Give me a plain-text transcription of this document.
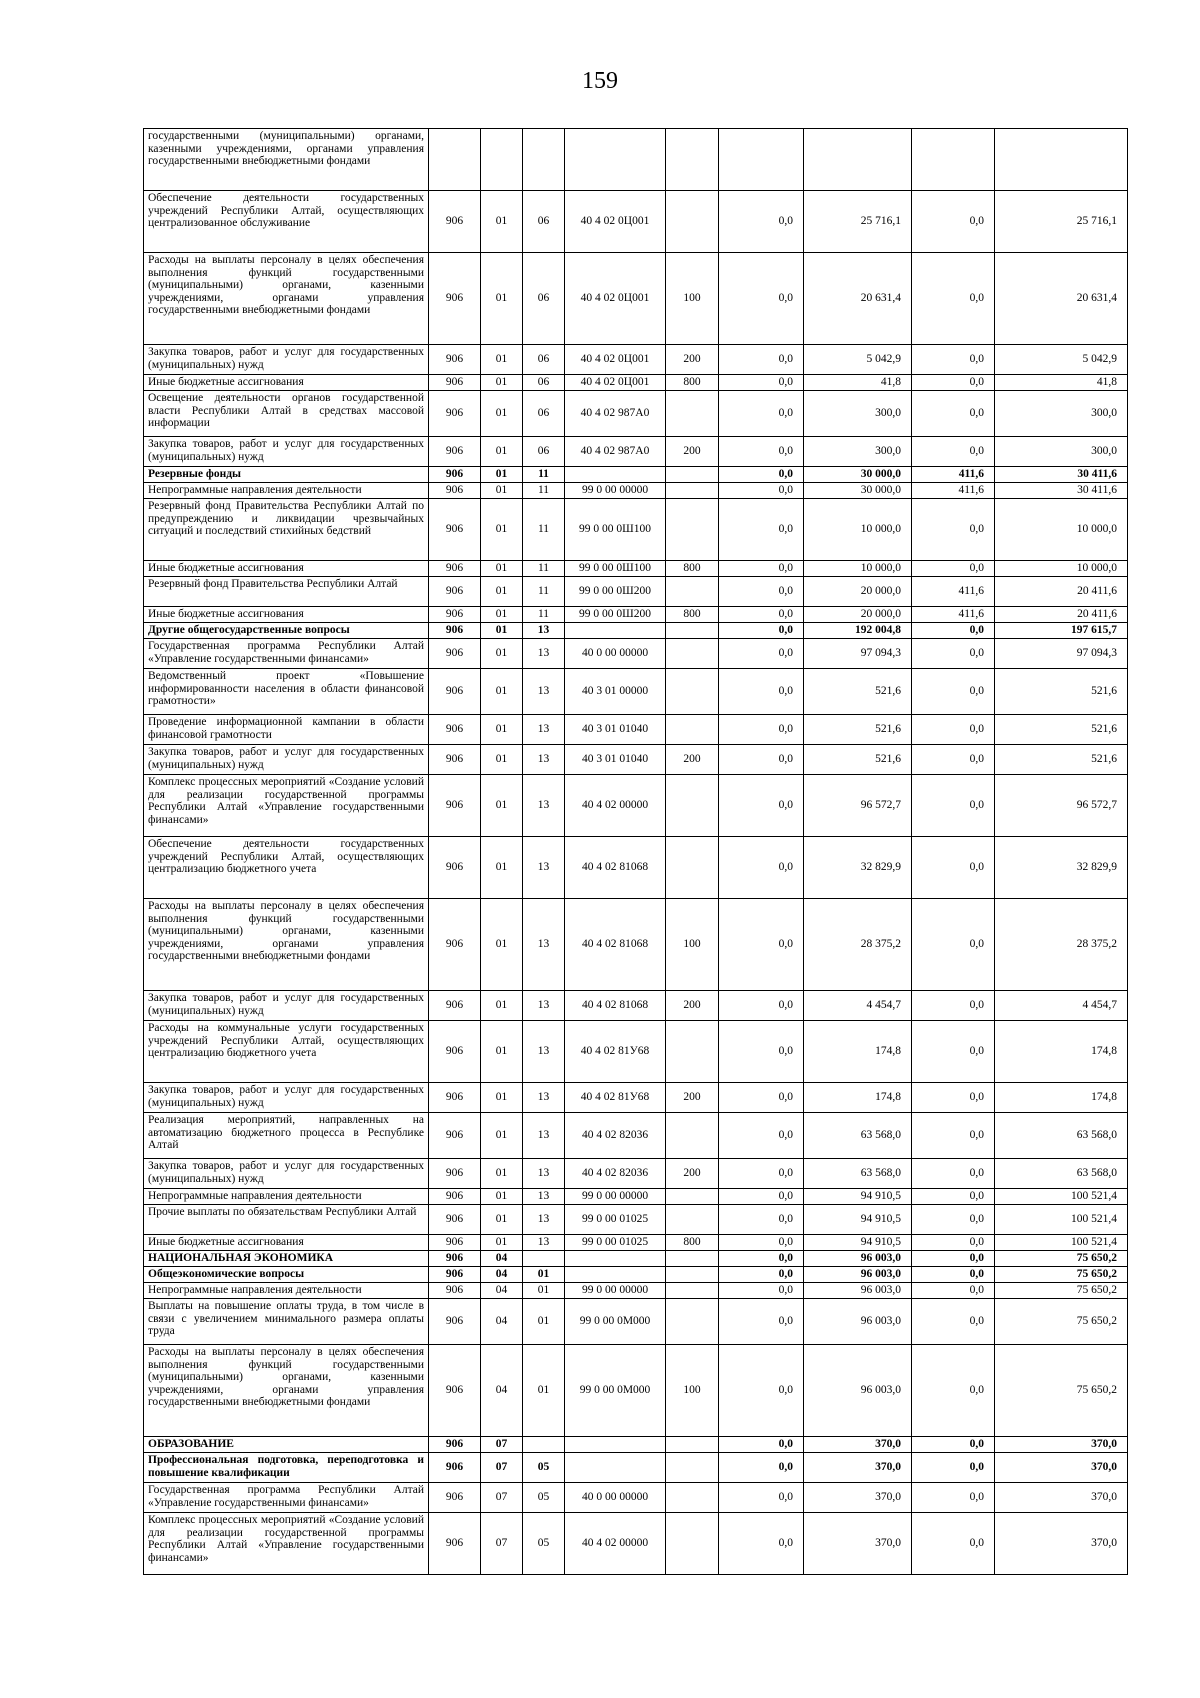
159
государственными (муниципальными) органами, казенными учреждениями, органами управления государственными внебюджетными фондами									
Обеспечение деятельности государственных учреждений Республики Алтай, осуществляющих централизованное обслуживание	906	01	06	40 4 02 0Ц001		0,0	25 716,1	0,0	25 716,1
Расходы на выплаты персоналу в целях обеспечения выполнения функций государственными (муниципальными) органами, казенными учреждениями, органами управления государственными внебюджетными фондами	906	01	06	40 4 02 0Ц001	100	0,0	20 631,4	0,0	20 631,4
Закупка товаров, работ и услуг для государственных (муниципальных) нужд	906	01	06	40 4 02 0Ц001	200	0,0	5 042,9	0,0	5 042,9
Иные бюджетные ассигнования	906	01	06	40 4 02 0Ц001	800	0,0	41,8	0,0	41,8
Освещение деятельности органов государственной власти Республики Алтай в средствах массовой информации	906	01	06	40 4 02 987A0		0,0	300,0	0,0	300,0
Закупка товаров, работ и услуг для государственных (муниципальных) нужд	906	01	06	40 4 02 987A0	200	0,0	300,0	0,0	300,0
Резервные фонды	906	01	11			0,0	30 000,0	411,6	30 411,6
Непрограммные направления деятельности	906	01	11	99 0 00 00000		0,0	30 000,0	411,6	30 411,6
Резервный фонд Правительства Республики Алтай по предупреждению и ликвидации чрезвычайных ситуаций и последствий стихийных бедствий	906	01	11	99 0 00 0Ш100		0,0	10 000,0	0,0	10 000,0
Иные бюджетные ассигнования	906	01	11	99 0 00 0Ш100	800	0,0	10 000,0	0,0	10 000,0
Резервный фонд Правительства Республики Алтай	906	01	11	99 0 00 0Ш200		0,0	20 000,0	411,6	20 411,6
Иные бюджетные ассигнования	906	01	11	99 0 00 0Ш200	800	0,0	20 000,0	411,6	20 411,6
Другие общегосударственные вопросы	906	01	13			0,0	192 004,8	0,0	197 615,7
Государственная программа Республики Алтай «Управление государственными финансами»	906	01	13	40 0 00 00000		0,0	97 094,3	0,0	97 094,3
Ведомственный проект «Повышение информированности населения в области финансовой грамотности»	906	01	13	40 3 01 00000		0,0	521,6	0,0	521,6
Проведение информационной кампании в области финансовой грамотности	906	01	13	40 3 01 01040		0,0	521,6	0,0	521,6
Закупка товаров, работ и услуг для государственных (муниципальных) нужд	906	01	13	40 3 01 01040	200	0,0	521,6	0,0	521,6
Комплекс процессных мероприятий «Создание условий для реализации государственной программы Республики Алтай «Управление государственными финансами»	906	01	13	40 4 02 00000		0,0	96 572,7	0,0	96 572,7
Обеспечение деятельности государственных учреждений Республики Алтай, осуществляющих централизацию бюджетного учета	906	01	13	40 4 02 81068		0,0	32 829,9	0,0	32 829,9
Расходы на выплаты персоналу в целях обеспечения выполнения функций государственными (муниципальными) органами, казенными учреждениями, органами управления государственными внебюджетными фондами	906	01	13	40 4 02 81068	100	0,0	28 375,2	0,0	28 375,2
Закупка товаров, работ и услуг для государственных (муниципальных) нужд	906	01	13	40 4 02 81068	200	0,0	4 454,7	0,0	4 454,7
Расходы на коммунальные услуги государственных учреждений Республики Алтай, осуществляющих централизацию бюджетного учета	906	01	13	40 4 02 81У68		0,0	174,8	0,0	174,8
Закупка товаров, работ и услуг для государственных (муниципальных) нужд	906	01	13	40 4 02 81У68	200	0,0	174,8	0,0	174,8
Реализация мероприятий, направленных на автоматизацию бюджетного процесса в Республике Алтай	906	01	13	40 4 02 82036		0,0	63 568,0	0,0	63 568,0
Закупка товаров, работ и услуг для государственных (муниципальных) нужд	906	01	13	40 4 02 82036	200	0,0	63 568,0	0,0	63 568,0
Непрограммные направления деятельности	906	01	13	99 0 00 00000		0,0	94 910,5	0,0	100 521,4
Прочие выплаты по обязательствам Республики Алтай	906	01	13	99 0 00 01025		0,0	94 910,5	0,0	100 521,4
Иные бюджетные ассигнования	906	01	13	99 0 00 01025	800	0,0	94 910,5	0,0	100 521,4
НАЦИОНАЛЬНАЯ ЭКОНОМИКА	906	04				0,0	96 003,0	0,0	75 650,2
Общеэкономические вопросы	906	04	01			0,0	96 003,0	0,0	75 650,2
Непрограммные направления деятельности	906	04	01	99 0 00 00000		0,0	96 003,0	0,0	75 650,2
Выплаты на повышение оплаты труда, в том числе в связи с увеличением минимального размера оплаты труда	906	04	01	99 0 00 0M000		0,0	96 003,0	0,0	75 650,2
Расходы на выплаты персоналу в целях обеспечения выполнения функций государственными (муниципальными) органами, казенными учреждениями, органами управления государственными внебюджетными фондами	906	04	01	99 0 00 0M000	100	0,0	96 003,0	0,0	75 650,2
ОБРАЗОВАНИЕ	906	07				0,0	370,0	0,0	370,0
Профессиональная подготовка, переподготовка и повышение квалификации	906	07	05			0,0	370,0	0,0	370,0
Государственная программа Республики Алтай «Управление государственными финансами»	906	07	05	40 0 00 00000		0,0	370,0	0,0	370,0
Комплекс процессных мероприятий «Создание условий для реализации государственной программы Республики Алтай «Управление государственными финансами»	906	07	05	40 4 02 00000		0,0	370,0	0,0	370,0
